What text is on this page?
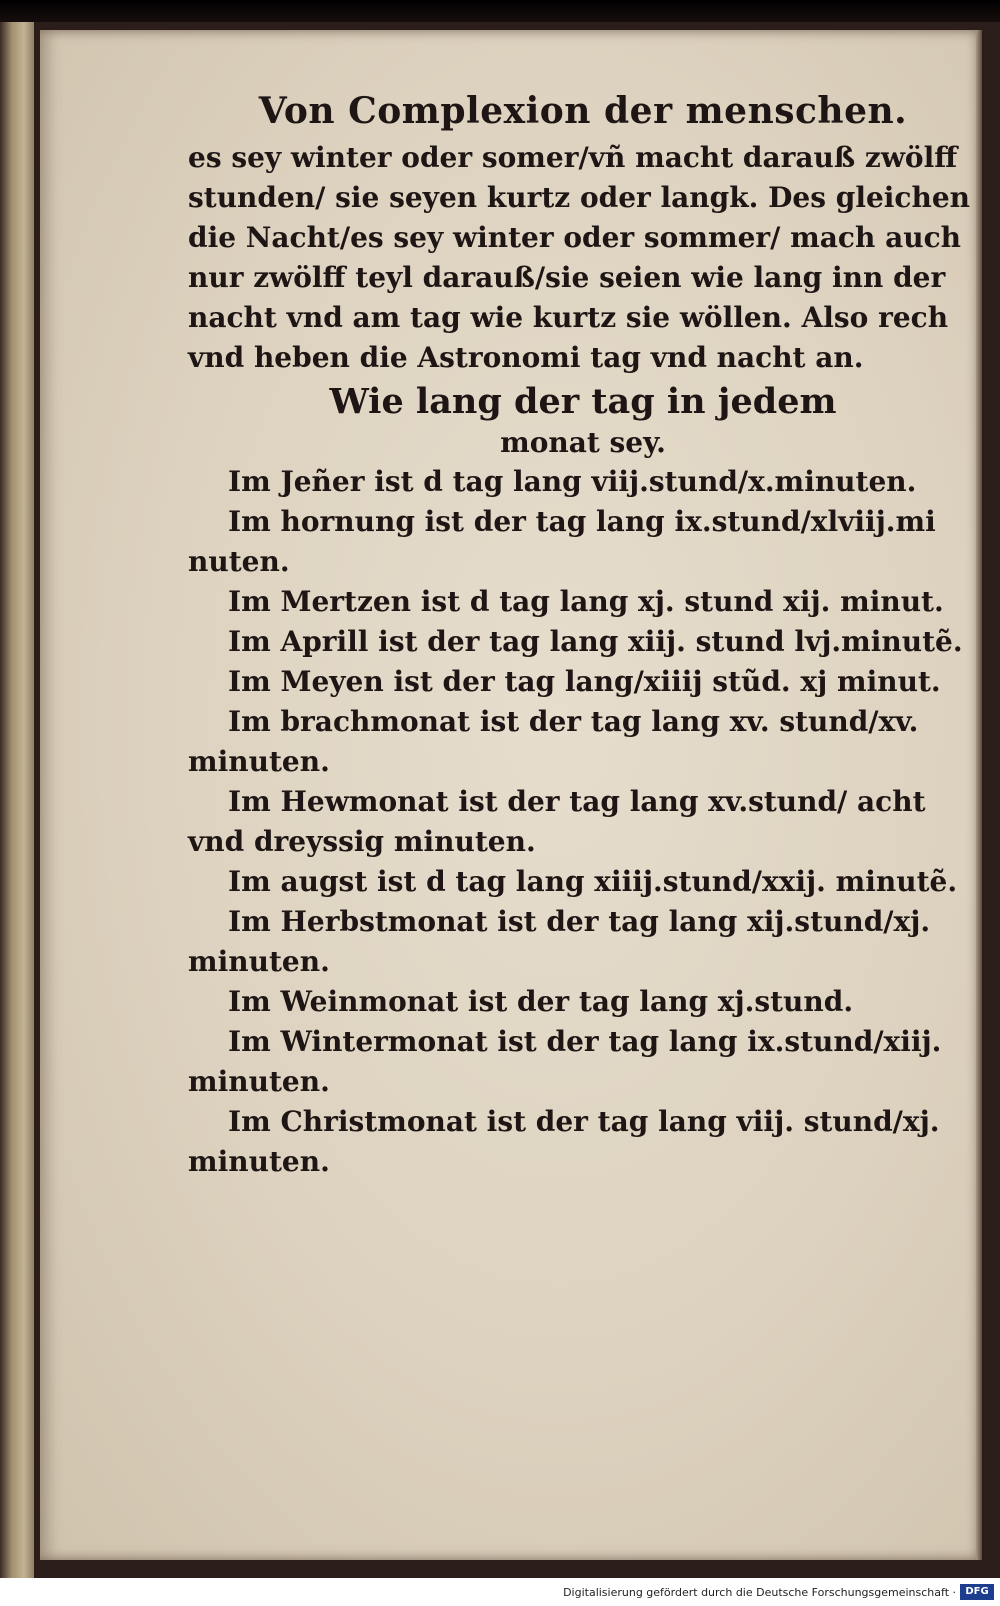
Von Complexion der menschen.
es sey winter oder somer/vñ macht darauß zwölff
stunden/ sie seyen kurtz oder langk. Des gleichen
die Nacht/es sey winter oder sommer/ mach auch
nur zwölff teyl darauß/sie seien wie lang inn der
nacht vnd am tag wie kurtz sie wöllen. Also rech
vnd heben die Astronomi tag vnd nacht an.
Wie lang der tag in jedem
monat sey.
Im Jeñer ist d tag lang viij.stund/x.minuten.
Im hornung ist der tag lang ix.stund/xlviij.mi
nuten.
Im Mertzen ist d tag lang xj. stund xij. minut.
Im Aprill ist der tag lang xiij. stund lvj.minutẽ.
Im Meyen ist der tag lang/xiiij stũd. xj minut.
Im brachmonat ist der tag lang xv. stund/xv.
minuten.
Im Hewmonat ist der tag lang xv.stund/ acht
vnd dreyssig minuten.
Im augst ist d tag lang xiiij.stund/xxij. minutẽ.
Im Herbstmonat ist der tag lang xij.stund/xj.
minuten.
Im Weinmonat ist der tag lang xj.stund.
Im Wintermonat ist der tag lang ix.stund/xiij.
minuten.
Im Christmonat ist der tag lang viij. stund/xj.
minuten.
Digitalisierung gefördert durch die Deutsche Forschungsgemeinschaft · DFG
